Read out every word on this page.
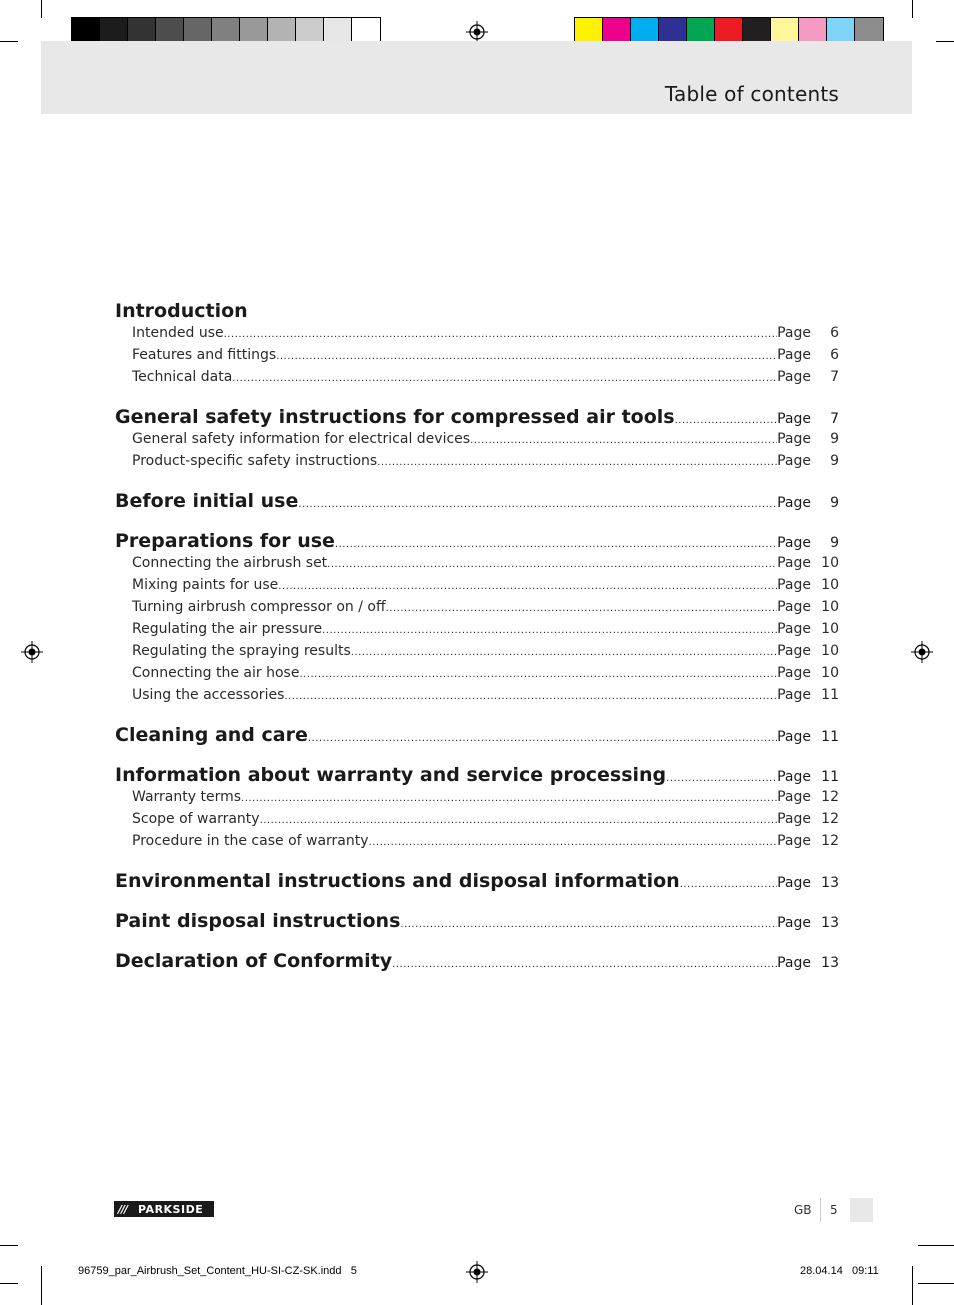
Table of contents
Introduction
Intended use .....	Page	6
Features and fittings .....	Page	6
Technical data .....	Page	7
General safety instructions for compressed air tools .....	Page	7
General safety information for electrical devices .....	Page	9
Product-specific safety instructions .....	Page	9
Before initial use .....	Page	9
Preparations for use .....	Page	9
Connecting the airbrush set .....	Page 10
Mixing paints for use .....	Page 10
Turning airbrush compressor on / off .....	Page 10
Regulating the air pressure .....	Page 10
Regulating the spraying results .....	Page 10
Connecting the air hose .....	Page 10
Using the accessories .....	Page 11
Cleaning and care .....	Page 11
Information about warranty and service processing .....	Page 11
Warranty terms .....	Page 12
Scope of warranty .....	Page 12
Procedure in the case of warranty .....	Page 12
Environmental instructions and disposal information .....	Page 13
Paint disposal instructions .....	Page 13
Declaration of Conformity .....	Page 13
/// PARKSIDE	GB 5
96759_par_Airbrush_Set_Content_HU-SI-CZ-SK.indd   5	28.04.14   09:11
